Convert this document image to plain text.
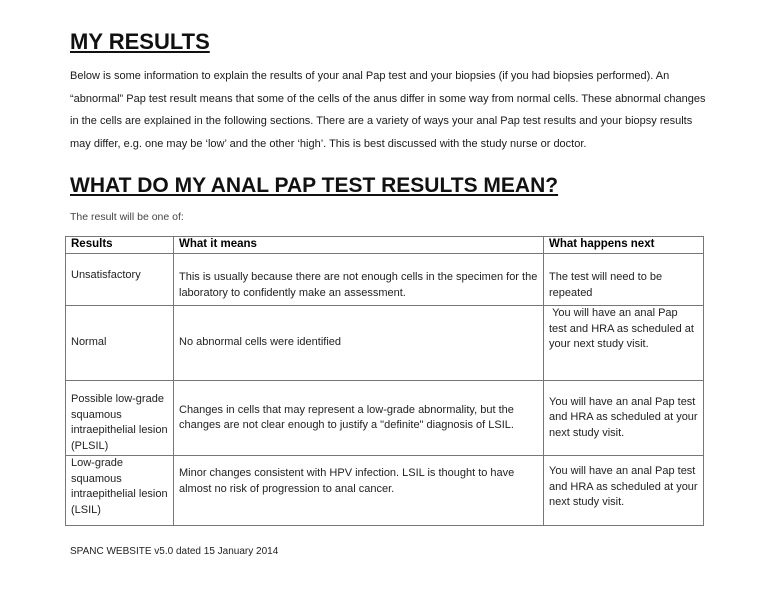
MY RESULTS
Below is some information to explain the results of your anal Pap test and your biopsies (if you had biopsies performed). An “abnormal” Pap test result means that some of the cells of the anus differ in some way from normal cells. These abnormal changes in the cells are explained in the following sections. There are a variety of ways your anal Pap test results and your biopsy results may differ, e.g. one may be ‘low’ and the other ‘high’. This is best discussed with the study nurse or doctor.
WHAT DO MY ANAL PAP TEST RESULTS MEAN?
The result will be one of:
Results	What it means	What happens next
Unsatisfactory	This is usually because there are not enough cells in the specimen for the laboratory to confidently make an assessment.	The test will need to be repeated
Normal	No abnormal cells were identified	You will have an anal Pap test and HRA as scheduled at your next study visit.
Possible low-grade squamous intraepithelial lesion (PLSIL)	Changes in cells that may represent a low-grade abnormality, but the changes are not clear enough to justify a "definite" diagnosis of LSIL.	You will have an anal Pap test and HRA as scheduled at your next study visit.
Low-grade squamous intraepithelial lesion (LSIL)	Minor changes consistent with HPV infection. LSIL is thought to have almost no risk of progression to anal cancer.	You will have an anal Pap test and HRA as scheduled at your next study visit.
SPANC WEBSITE v5.0 dated 15 January 2014
